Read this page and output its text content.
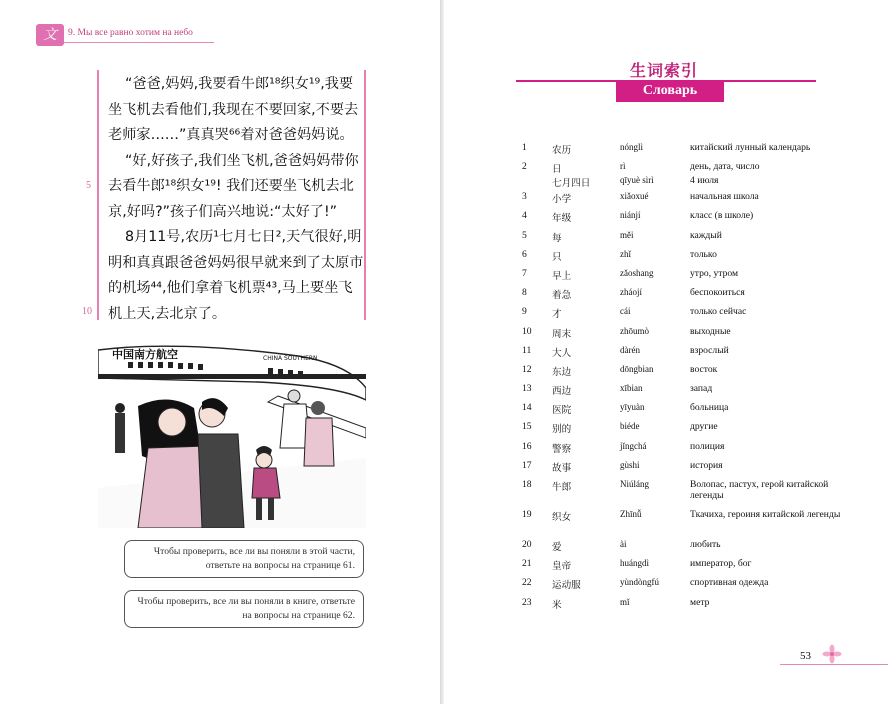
文	9. Мы все равно хотим на небо
5
10

“爸爸,妈妈,我要看牛郎¹⁸织女¹⁹,我要坐飞机去看他们,我现在不要回家,不要去老师家……”真真哭⁶⁶着对爸爸妈妈说。

“好,好孩子,我们坐飞机,爸爸妈妈带你去看牛郎¹⁸织女¹⁹! 我们还要坐飞机去北京,好吗?”孩子们高兴地说:“太好了!”

8月11号,农历¹七月七日²,天气很好,明明和真真跟爸爸妈妈很早就来到了太原市的机场⁴⁴,他们拿着飞机票⁴³,马上要坐飞机上天,去北京了。

中国南方航空	CHINA SOUTHERN
Чтобы проверить, все ли вы поняли в этой части, ответьте на вопросы на странице 61.
Чтобы проверить, все ли вы поняли в книге, ответьте на вопросы на странице 62.
生词索引
Словарь
1	农历	nónglì	китайский лунный календарь
2	日	rì	день, дата, число
	七月四日	qīyuè sìrì	4 июля
3	小学	xiǎoxué	начальная школа
4	年级	niánjí	класс (в школе)
5	每	měi	каждый
6	只	zhǐ	только
7	早上	zǎoshang	утро, утром
8	着急	zháojí	беспокоиться
9	才	cái	только сейчас
10	周末	zhōumò	выходные
11	大人	dàrén	взрослый
12	东边	dōngbian	восток
13	西边	xībian	запад
14	医院	yīyuàn	больница
15	别的	biéde	другие
16	警察	jǐngchá	полиция
17	故事	gùshi	история
18	牛郎	Niúláng	Волопас, пастух, герой китайской легенды
19	织女	Zhīnǚ	Ткачиха, героиня китайской легенды
20	爱	ài	любить
21	皇帝	huángdì	император, бог
22	运动服	yùndòngfú	спортивная одежда
23	米	mǐ	метр
53
